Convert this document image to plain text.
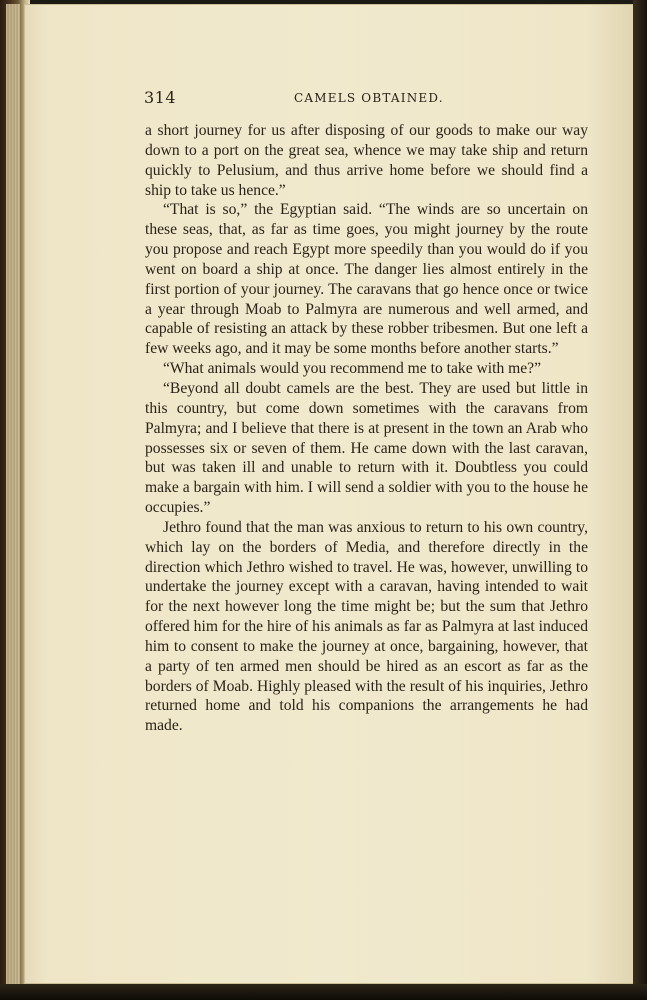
314	CAMELS OBTAINED.

a short journey for us after disposing of our goods to make our way down to a port on the great sea, whence we may take ship and return quickly to Pelusium, and thus arrive home before we should find a ship to take us hence.”

“That is so,” the Egyptian said. “The winds are so uncertain on these seas, that, as far as time goes, you might journey by the route you propose and reach Egypt more speedily than you would do if you went on board a ship at once. The danger lies almost entirely in the first portion of your journey. The caravans that go hence once or twice a year through Moab to Palmyra are numerous and well armed, and capable of resisting an attack by these robber tribesmen. But one left a few weeks ago, and it may be some months before another starts.”

“What animals would you recommend me to take with me?”

“Beyond all doubt camels are the best. They are used but little in this country, but come down sometimes with the caravans from Palmyra; and I believe that there is at present in the town an Arab who possesses six or seven of them. He came down with the last caravan, but was taken ill and unable to return with it. Doubtless you could make a bargain with him. I will send a soldier with you to the house he occupies.”

Jethro found that the man was anxious to return to his own country, which lay on the borders of Media, and therefore directly in the direction which Jethro wished to travel. He was, however, unwilling to undertake the journey except with a caravan, having intended to wait for the next however long the time might be; but the sum that Jethro offered him for the hire of his animals as far as Palmyra at last induced him to consent to make the journey at once, bargaining, however, that a party of ten armed men should be hired as an escort as far as the borders of Moab. Highly pleased with the result of his inquiries, Jethro returned home and told his companions the arrangements he had made.
